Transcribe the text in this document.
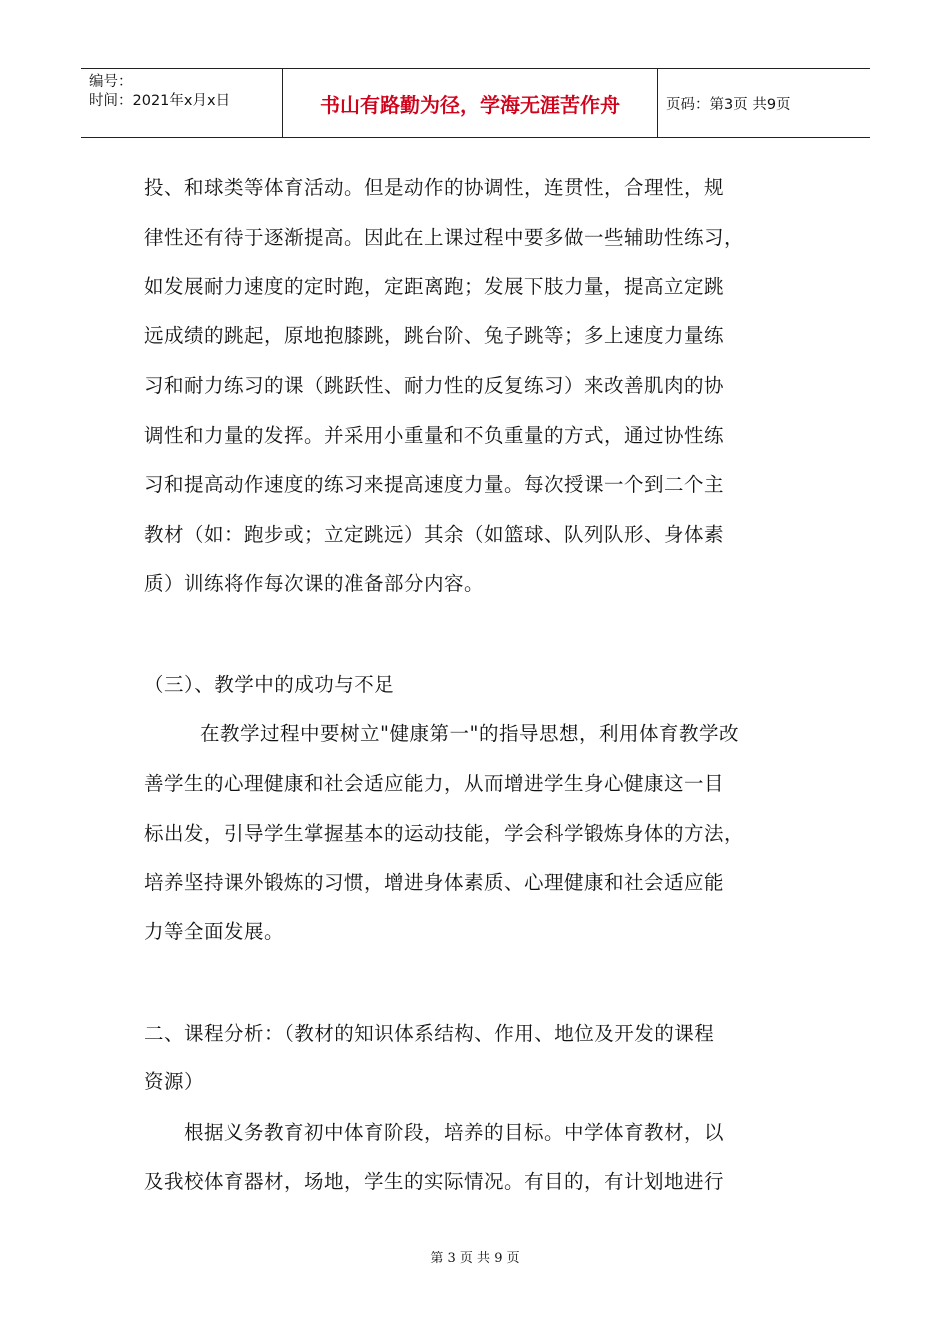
编号：
时间：2021年x月x日	书山有路勤为径，学海无涯苦作舟	页码：第3页 共9页
投、和球类等体育活动。但是动作的协调性，连贯性，合理性，规
律性还有待于逐渐提高。因此在上课过程中要多做一些辅助性练习，
如发展耐力速度的定时跑，定距离跑；发展下肢力量，提高立定跳
远成绩的跳起，原地抱膝跳，跳台阶、兔子跳等；多上速度力量练
习和耐力练习的课（跳跃性、耐力性的反复练习）来改善肌肉的协
调性和力量的发挥。并采用小重量和不负重量的方式，通过协性练
习和提高动作速度的练习来提高速度力量。每次授课一个到二个主
教材（如：跑步或；立定跳远）其余（如篮球、队列队形、身体素
质）训练将作每次课的准备部分内容。
（三）、教学中的成功与不足
在教学过程中要树立"健康第一"的指导思想，利用体育教学改
善学生的心理健康和社会适应能力，从而增进学生身心健康这一目
标出发，引导学生掌握基本的运动技能，学会科学锻炼身体的方法，
培养坚持课外锻炼的习惯，增进身体素质、心理健康和社会适应能
力等全面发展。
二、课程分析：（教材的知识体系结构、作用、地位及开发的课程
资源）
根据义务教育初中体育阶段，培养的目标。中学体育教材，以
及我校体育器材，场地，学生的实际情况。有目的，有计划地进行
第 3 页 共 9 页
